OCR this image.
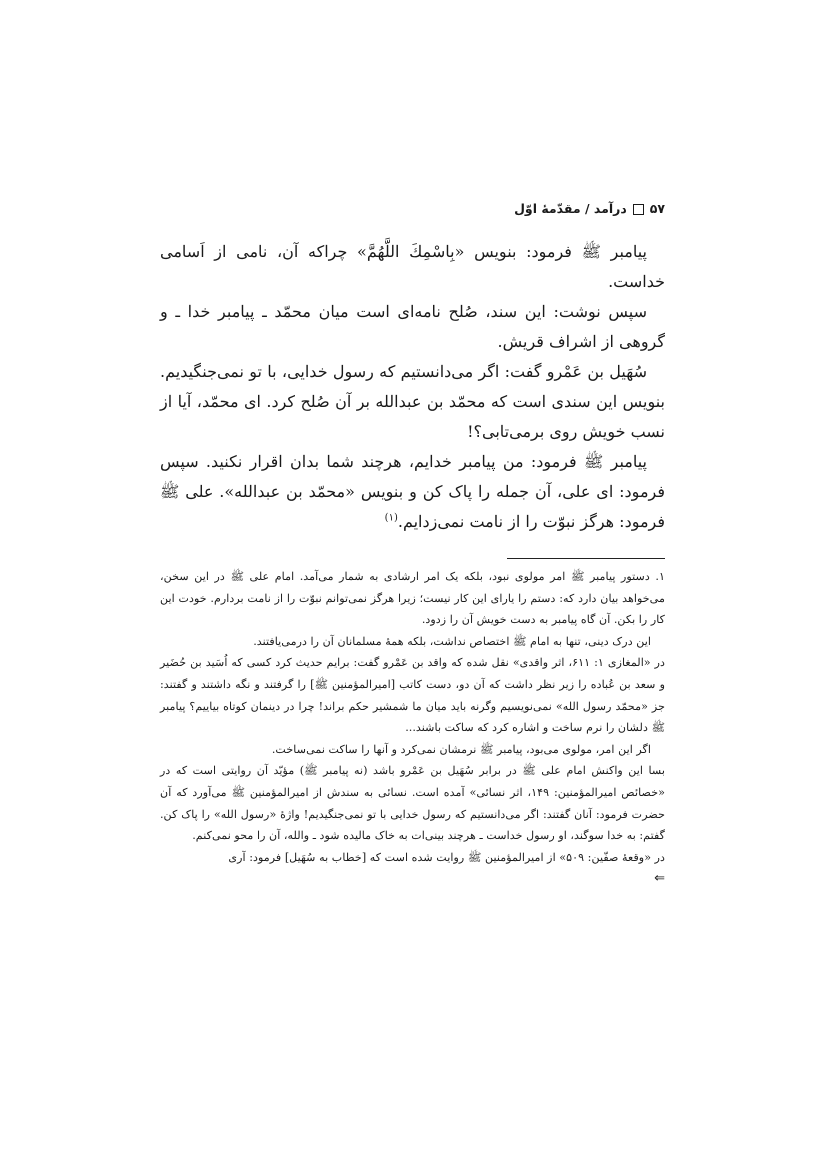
۵۷
درآمد / مقدّمهٔ اوّل

پیامبر ﷺ فرمود: بنویس «بِاسْمِكَ اللَّهُمَّ» چراکه آن، نامی از اَسامی خداست.

سپس نوشت: این سند، صُلح نامه‌ای است میان محمّد ـ پیامبر خدا ـ و گروهی از اشراف قریش.

سُهَیل بن عَمْرو گفت: اگر می‌دانستیم که رسول خدایی، با تو نمی‌جنگیدیم. بنویس این سندی است که محمّد بن عبدالله بر آن صُلح کرد. ای محمّد، آیا از نسب خویش روی برمی‌تابی؟!

پیامبر ﷺ فرمود: من پیامبر خدایم، هرچند شما بدان اقرار نکنید. سپس فرمود: ای علی، آن جمله را پاک کن و بنویس «محمّد بن عبدالله». علی ﷺ فرمود: هرگز نبوّت را از نامت نمی‌زدایم.$^{(۱)}$

۱. دستور پیامبر ﷺ امر مولوی نبود، بلکه یک امر ارشادی به شمار می‌آمد. امام علی ﷺ در این سخن، می‌خواهد بیان دارد که: دستم را یارای این کار نیست؛ زیرا هرگز نمی‌توانم نبوّت را از نامت بردارم. خودت این کار را بکن. آن گاه پیامبر به دست خویش آن را زدود.

این درک دینی، تنها به امام ﷺ اختصاص نداشت، بلکه همهٔ مسلمانان آن را درمی‌یافتند.

در «المغازی ۱: ۶۱۱، اثر واقدی» نقل شده که واقد بن عَمْرو گفت: برایم حدیث کرد کسی که اُسَید بن حُضَیر و سعد بن عُباده را زیر نظر داشت که آن دو، دست کاتب [امیرالمؤمنین ﷺ] را گرفتند و نگه داشتند و گفتند: جز «محمّد رسول الله» نمی‌نویسیم وگرنه باید میان ما شمشیر حکم براند! چرا در دینمان کوتاه بیاییم؟ پیامبر ﷺ دلشان را نرم ساخت و اشاره کرد که ساکت باشند...

اگر این امر، مولوی می‌بود، پیامبر ﷺ نرمشان نمی‌کرد و آنها را ساکت نمی‌ساخت.

بسا این واکنش امام علی ﷺ در برابر سُهَیل بن عَمْرو باشد (نه پیامبر ﷺ) مؤیّد آن روایتی است که در «خصائص امیرالمؤمنین: ۱۴۹، اثر نسائی» آمده است. نسائی به سندش از امیرالمؤمنین ﷺ می‌آورد که آن حضرت فرمود: آنان گفتند: اگر می‌دانستیم که رسول خدایی با تو نمی‌جنگیدیم! واژهٔ «رسول الله» را پاک کن. گفتم: به خدا سوگند، او رسول خداست ـ هرچند بینی‌ات به خاک مالیده شود ـ والله، آن را محو نمی‌کنم.

در «وقعهٔ صفّین: ۵۰۹» از امیرالمؤمنین ﷺ روایت شده است که [خطاب به سُهَیل] فرمود: آری

⇐
